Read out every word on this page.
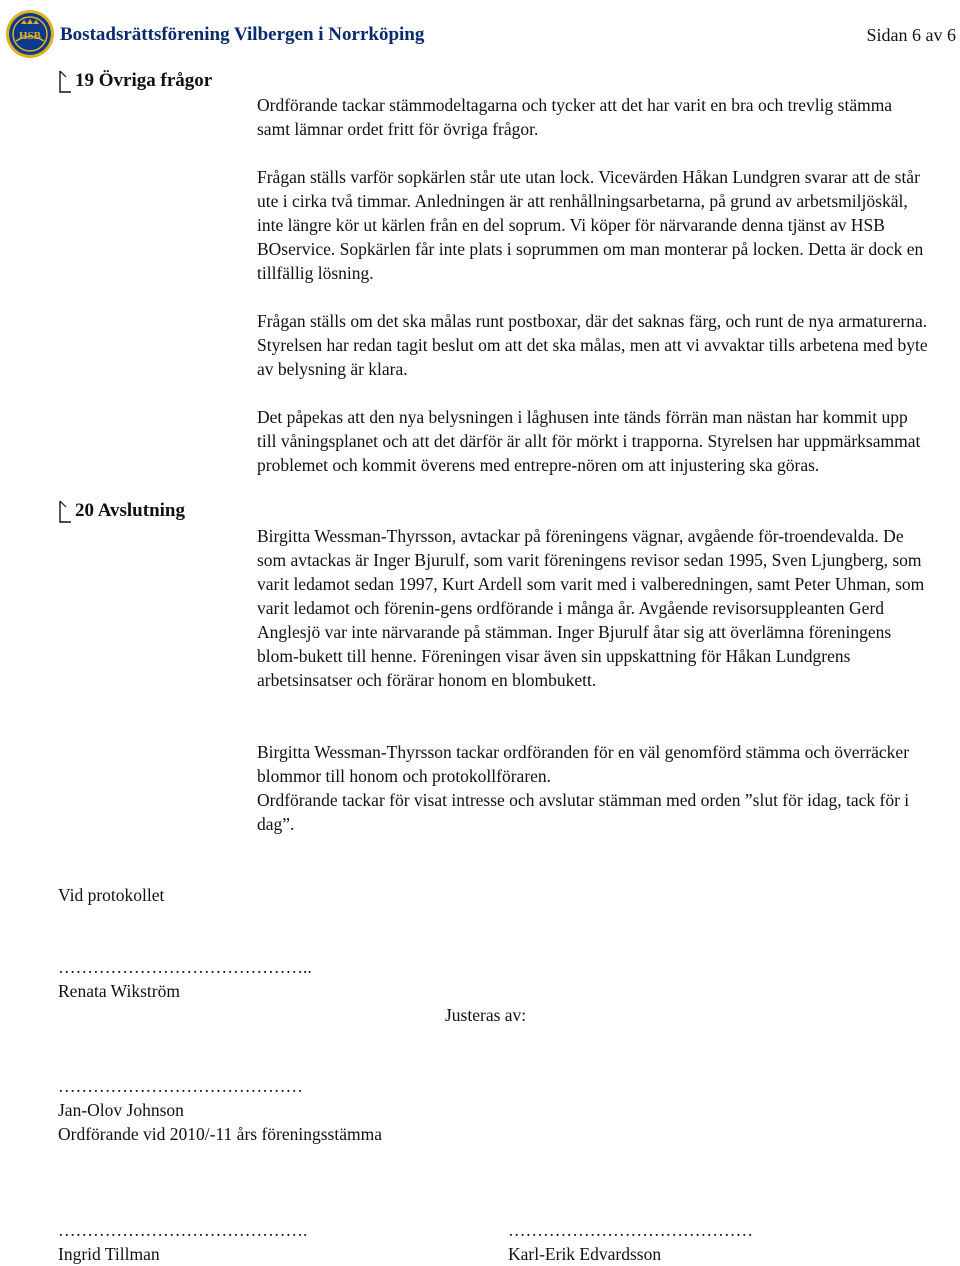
HSB Bostadsrättsförening Vilbergen i Norrköping	Sidan 6 av 6
19 Övriga frågor
20 Avslutning

Ordförande tackar stämmodeltagarna och tycker att det har varit en bra och trevlig stämma samt lämnar ordet fritt för övriga frågor.

Frågan ställs varför sopkärlen står ute utan lock. Vicevärden Håkan Lundgren svarar att de står ute i cirka två timmar. Anledningen är att renhållningsarbetarna, på grund av arbetsmiljöskäl, inte längre kör ut kärlen från en del soprum. Vi köper för närvarande denna tjänst av HSB BOservice. Sopkärlen får inte plats i soprummen om man monterar på locken. Detta är dock en tillfällig lösning.

Frågan ställs om det ska målas runt postboxar, där det saknas färg, och runt de nya armaturerna. Styrelsen har redan tagit beslut om att det ska målas, men att vi avvaktar tills arbetena med byte av belysning är klara.

Det påpekas att den nya belysningen i låghusen inte tänds förrän man nästan har kommit upp till våningsplanet och att det därför är allt för mörkt i trapporna. Styrelsen har uppmärksammat problemet och kommit överens med entrepre-nören om att injustering ska göras.

Birgitta Wessman-Thyrsson, avtackar på föreningens vägnar, avgående för-troendevalda. De som avtackas är Inger Bjurulf, som varit föreningens revisor sedan 1995, Sven Ljungberg, som varit ledamot sedan 1997, Kurt Ardell som varit med i valberedningen, samt Peter Uhman, som varit ledamot och förenin-gens ordförande i många år. Avgående revisorsuppleanten Gerd Anglesjö var inte närvarande på stämman. Inger Bjurulf åtar sig att överlämna föreningens blom-bukett till henne. Föreningen visar även sin uppskattning för Håkan Lundgrens arbetsinsatser och förärar honom en blombukett.

Birgitta Wessman-Thyrsson tackar ordföranden för en väl genomförd stämma och överräcker blommor till honom och protokollföraren.

Ordförande tackar för visat intresse och avslutar stämman med orden ”slut för idag, tack för i dag”.

Vid protokollet
……………………………………..
Renata Wikström
Justeras av:
……………………………………
Jan-Olov Johnson
Ordförande vid 2010/-11 års föreningsstämma
…………………………………….
Ingrid Tillman
……………………………………
Karl-Erik Edvardsson
